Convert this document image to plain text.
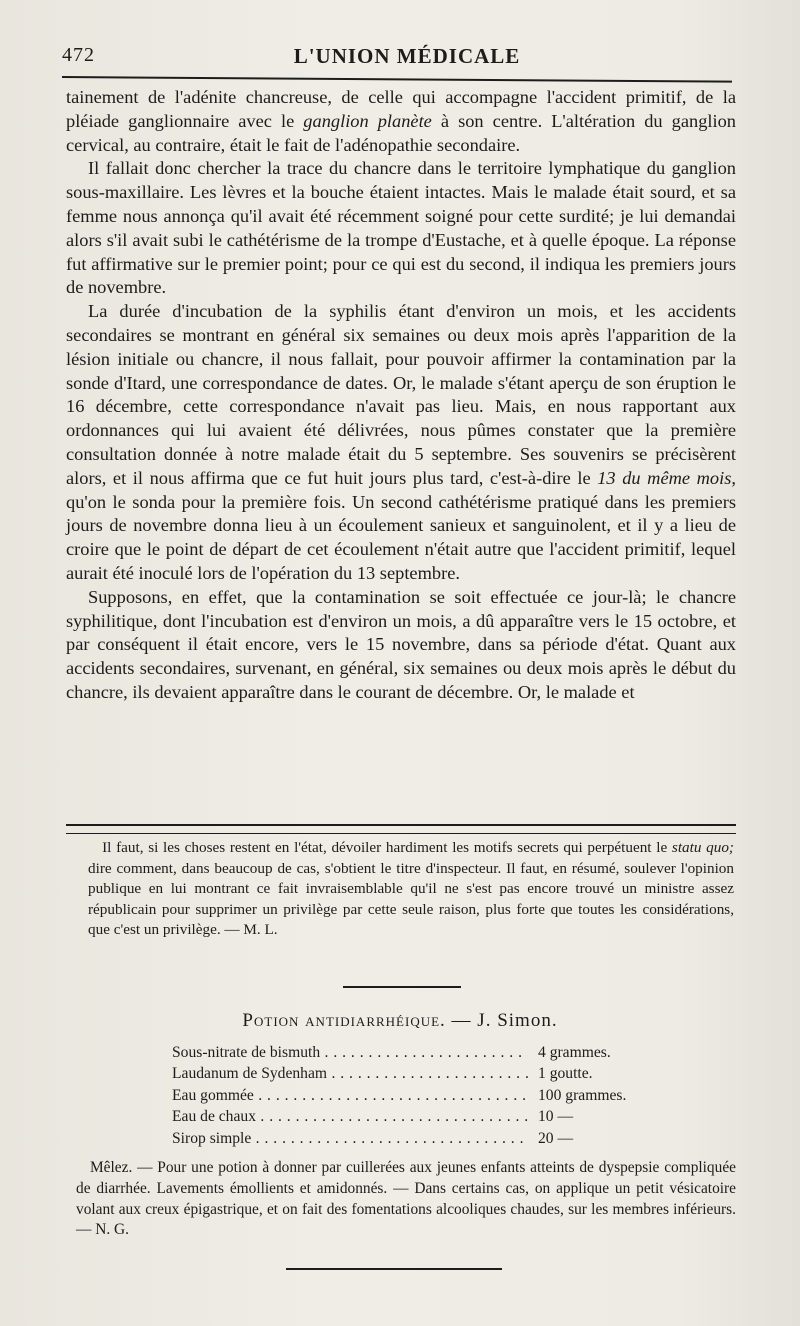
472	L'UNION MÉDICALE

tainement de l'adénite chancreuse, de celle qui accompagne l'accident primitif, de la pléiade ganglionnaire avec le ganglion planète à son centre. L'altération du ganglion cervical, au contraire, était le fait de l'adénopathie secondaire.

Il fallait donc chercher la trace du chancre dans le territoire lymphatique du ganglion sous-maxillaire. Les lèvres et la bouche étaient intactes. Mais le malade était sourd, et sa femme nous annonça qu'il avait été récemment soigné pour cette surdité; je lui demandai alors s'il avait subi le cathétérisme de la trompe d'Eustache, et à quelle époque. La réponse fut affirmative sur le premier point; pour ce qui est du second, il indiqua les premiers jours de novembre.

La durée d'incubation de la syphilis étant d'environ un mois, et les accidents secondaires se montrant en général six semaines ou deux mois après l'apparition de la lésion initiale ou chancre, il nous fallait, pour pouvoir affirmer la contamination par la sonde d'Itard, une correspondance de dates. Or, le malade s'étant aperçu de son éruption le 16 décembre, cette correspondance n'avait pas lieu. Mais, en nous rapportant aux ordonnances qui lui avaient été délivrées, nous pûmes constater que la première consultation donnée à notre malade était du 5 septembre. Ses souvenirs se précisèrent alors, et il nous affirma que ce fut huit jours plus tard, c'est-à-dire le 13 du même mois, qu'on le sonda pour la première fois. Un second cathétérisme pratiqué dans les premiers jours de novembre donna lieu à un écoulement sanieux et sanguinolent, et il y a lieu de croire que le point de départ de cet écoulement n'était autre que l'accident primitif, lequel aurait été inoculé lors de l'opération du 13 septembre.

Supposons, en effet, que la contamination se soit effectuée ce jour-là; le chancre syphilitique, dont l'incubation est d'environ un mois, a dû apparaître vers le 15 octobre, et par conséquent il était encore, vers le 15 novembre, dans sa période d'état. Quant aux accidents secondaires, survenant, en général, six semaines ou deux mois après le début du chancre, ils devaient apparaître dans le courant de décembre. Or, le malade et

Il faut, si les choses restent en l'état, dévoiler hardiment les motifs secrets qui perpétuent le statu quo; dire comment, dans beaucoup de cas, s'obtient le titre d'inspecteur. Il faut, en résumé, soulever l'opinion publique en lui montrant ce fait invraisemblable qu'il ne s'est pas encore trouvé un ministre assez républicain pour supprimer un privilège par cette seule raison, plus forte que toutes les considérations, que c'est un privilège. — M. L.

Potion antidiarrhéique. — J. Simon.
Sous-nitrate de bismuth . . .	4 grammes.
Laudanum de Sydenham . . .	1 goutte.
Eau gommée . . .	100 grammes.
Eau de chaux . . .	10 —
Sirop simple . . .	20 —

Mêlez. — Pour une potion à donner par cuillerées aux jeunes enfants atteints de dyspepsie compliquée de diarrhée. Lavements émollients et amidonnés. — Dans certains cas, on applique un petit vésicatoire volant aux creux épigastrique, et on fait des fomentations alcooliques chaudes, sur les membres inférieurs. — N. G.
